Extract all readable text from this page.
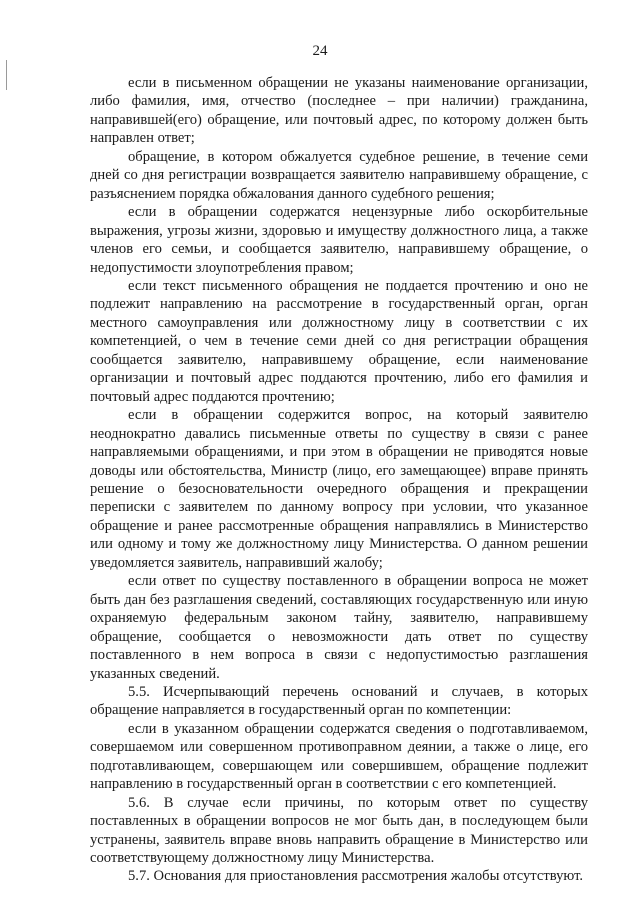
24

если в письменном обращении не указаны наименование организации, либо фамилия, имя, отчество (последнее – при наличии) гражданина, направившей(его) обращение, или почтовый адрес, по которому должен быть направлен ответ;

обращение, в котором обжалуется судебное решение, в течение семи дней со дня регистрации возвращается заявителю направившему обращение, с разъяснением порядка обжалования данного судебного решения;

если в обращении содержатся нецензурные либо оскорбительные выражения, угрозы жизни, здоровью и имуществу должностного лица, а также членов его семьи, и сообщается заявителю, направившему обращение, о недопустимости злоупотребления правом;

если текст письменного обращения не поддается прочтению и оно не подлежит направлению на рассмотрение в государственный орган, орган местного самоуправления или должностному лицу в соответствии с их компетенцией, о чем в течение семи дней со дня регистрации обращения сообщается заявителю, направившему обращение, если наименование организации и почтовый адрес поддаются прочтению, либо его фамилия и почтовый адрес поддаются прочтению;

если в обращении содержится вопрос, на который заявителю неоднократно давались письменные ответы по существу в связи с ранее направляемыми обращениями, и при этом в обращении не приводятся новые доводы или обстоятельства, Министр (лицо, его замещающее) вправе принять решение о безосновательности очередного обращения и прекращении переписки с заявителем по данному вопросу при условии, что указанное обращение и ранее рассмотренные обращения направлялись в Министерство или одному и тому же должностному лицу Министерства. О данном решении уведомляется заявитель, направивший жалобу;

если ответ по существу поставленного в обращении вопроса не может быть дан без разглашения сведений, составляющих государственную или иную охраняемую федеральным законом тайну, заявителю, направившему обращение, сообщается о невозможности дать ответ по существу поставленного в нем вопроса в связи с недопустимостью разглашения указанных сведений.

5.5. Исчерпывающий перечень оснований и случаев, в которых обращение направляется в государственный орган по компетенции:

если в указанном обращении содержатся сведения о подготавливаемом, совершаемом или совершенном противоправном деянии, а также о лице, его подготавливающем, совершающем или совершившем, обращение подлежит направлению в государственный орган в соответствии с его компетенцией.

5.6. В случае если причины, по которым ответ по существу поставленных в обращении вопросов не мог быть дан, в последующем были устранены, заявитель вправе вновь направить обращение в Министерство или соответствующему должностному лицу Министерства.

5.7. Основания для приостановления рассмотрения жалобы отсутствуют.
